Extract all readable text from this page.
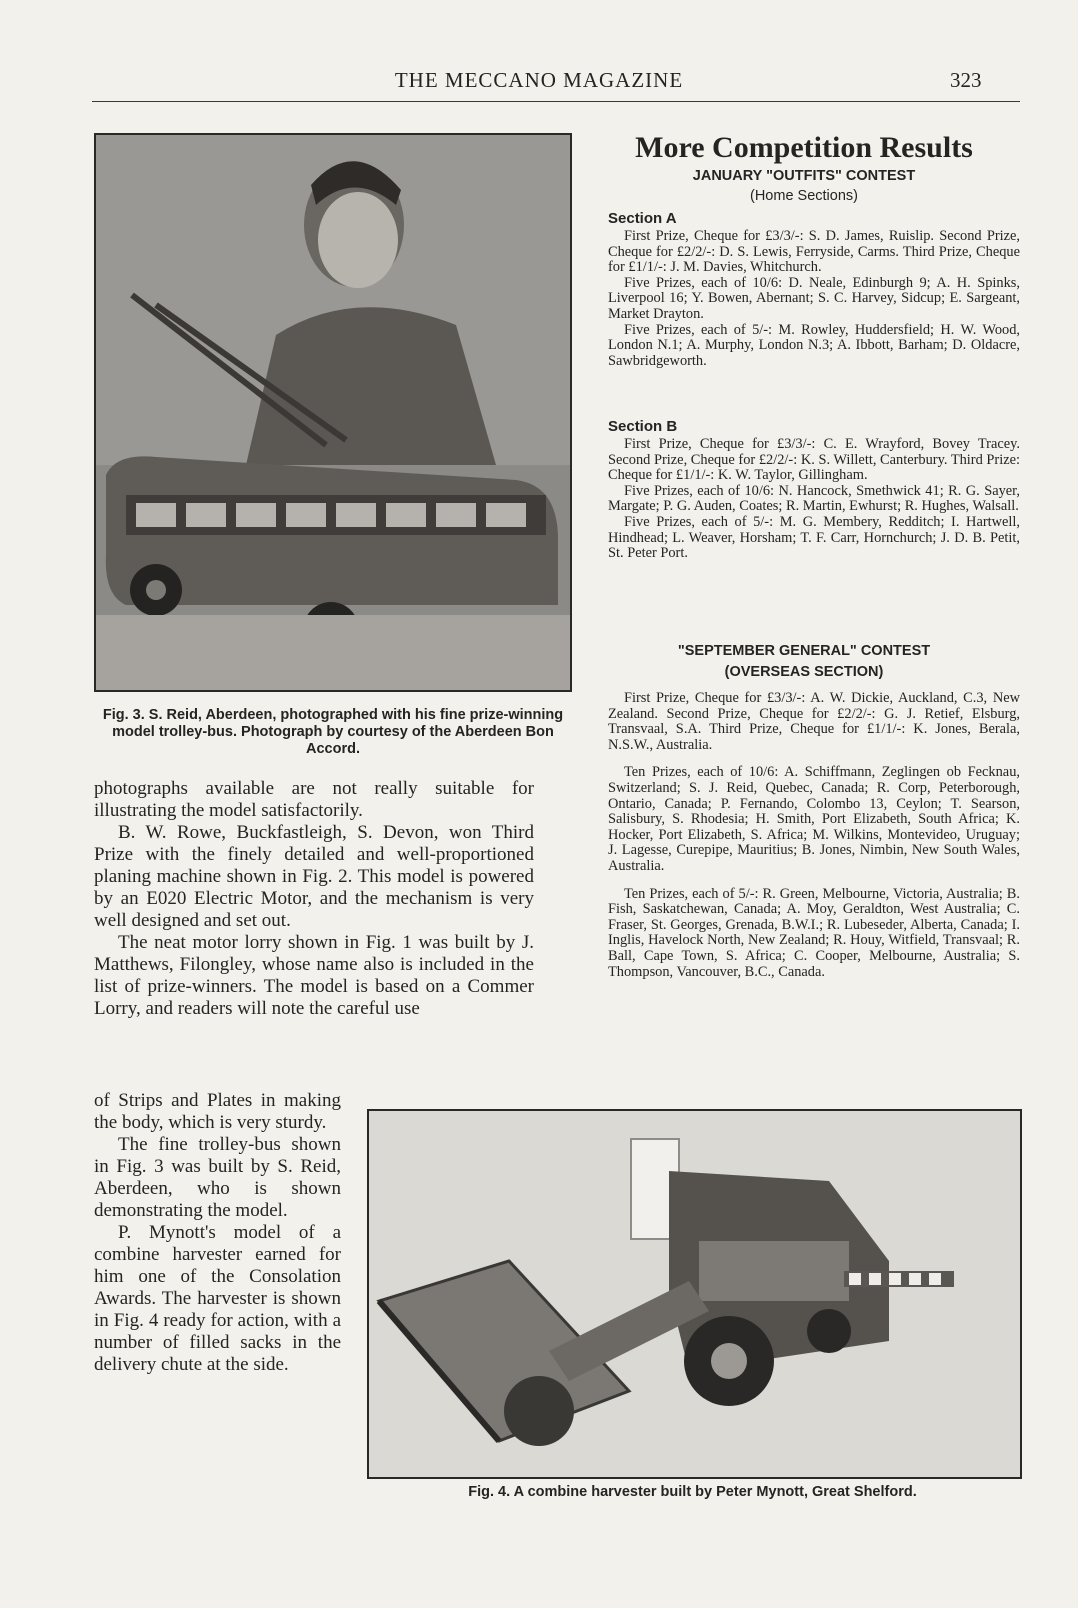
THE MECCANO MAGAZINE	323
Fig. 3. S. Reid, Aberdeen, photographed with his fine prize-winning model trolley-bus. Photograph by courtesy of the Aberdeen Bon Accord.

photographs available are not really suitable for illustrating the model satisfactorily.

B. W. Rowe, Buckfastleigh, S. Devon, won Third Prize with the finely detailed and well-proportioned planing machine shown in Fig. 2. This model is powered by an E020 Electric Motor, and the mechanism is very well designed and set out.

The neat motor lorry shown in Fig. 1 was built by J. Matthews, Filongley, whose name also is included in the list of prize-winners. The model is based on a Commer Lorry, and readers will note the careful use

of Strips and Plates in making the body, which is very sturdy.

The fine trolley-bus shown in Fig. 3 was built by S. Reid, Aberdeen, who is shown demonstrating the model.

P. Mynott's model of a combine harvester earned for him one of the Consolation Awards. The harvester is shown in Fig. 4 ready for action, with a number of filled sacks in the delivery chute at the side.

More Competition Results
JANUARY "OUTFITS" CONTEST
(Home Sections)
Section A

First Prize, Cheque for £3/3/-: S. D. James, Ruislip. Second Prize, Cheque for £2/2/-: D. S. Lewis, Ferryside, Carms. Third Prize, Cheque for £1/1/-: J. M. Davies, Whitchurch.

Five Prizes, each of 10/6: D. Neale, Edinburgh 9; A. H. Spinks, Liverpool 16; Y. Bowen, Abernant; S. C. Harvey, Sidcup; E. Sargeant, Market Drayton.

Five Prizes, each of 5/-: M. Rowley, Huddersfield; H. W. Wood, London N.1; A. Murphy, London N.3; A. Ibbott, Barham; D. Oldacre, Sawbridgeworth.

Section B

First Prize, Cheque for £3/3/-: C. E. Wrayford, Bovey Tracey. Second Prize, Cheque for £2/2/-: K. S. Willett, Canterbury. Third Prize: Cheque for £1/1/-: K. W. Taylor, Gillingham.

Five Prizes, each of 10/6: N. Hancock, Smethwick 41; R. G. Sayer, Margate; P. G. Auden, Coates; R. Martin, Ewhurst; R. Hughes, Walsall.

Five Prizes, each of 5/-: M. G. Membery, Redditch; I. Hartwell, Hindhead; L. Weaver, Horsham; T. F. Carr, Hornchurch; J. D. B. Petit, St. Peter Port.

"SEPTEMBER GENERAL" CONTEST
(OVERSEAS SECTION)

First Prize, Cheque for £3/3/-: A. W. Dickie, Auckland, C.3, New Zealand. Second Prize, Cheque for £2/2/-: G. J. Retief, Elsburg, Transvaal, S.A. Third Prize, Cheque for £1/1/-: K. Jones, Berala, N.S.W., Australia.

Ten Prizes, each of 10/6: A. Schiffmann, Zeglingen ob Fecknau, Switzerland; S. J. Reid, Quebec, Canada; R. Corp, Peterborough, Ontario, Canada; P. Fernando, Colombo 13, Ceylon; T. Searson, Salisbury, S. Rhodesia; H. Smith, Port Elizabeth, South Africa; K. Hocker, Port Elizabeth, S. Africa; M. Wilkins, Montevideo, Uruguay; J. Lagesse, Curepipe, Mauritius; B. Jones, Nimbin, New South Wales, Australia.

Ten Prizes, each of 5/-: R. Green, Melbourne, Victoria, Australia; B. Fish, Saskatchewan, Canada; A. Moy, Geraldton, West Australia; C. Fraser, St. Georges, Grenada, B.W.I.; R. Lubeseder, Alberta, Canada; I. Inglis, Havelock North, New Zealand; R. Houy, Witfield, Transvaal; R. Ball, Cape Town, S. Africa; C. Cooper, Melbourne, Australia; S. Thompson, Vancouver, B.C., Canada.

Fig. 4. A combine harvester built by Peter Mynott, Great Shelford.
